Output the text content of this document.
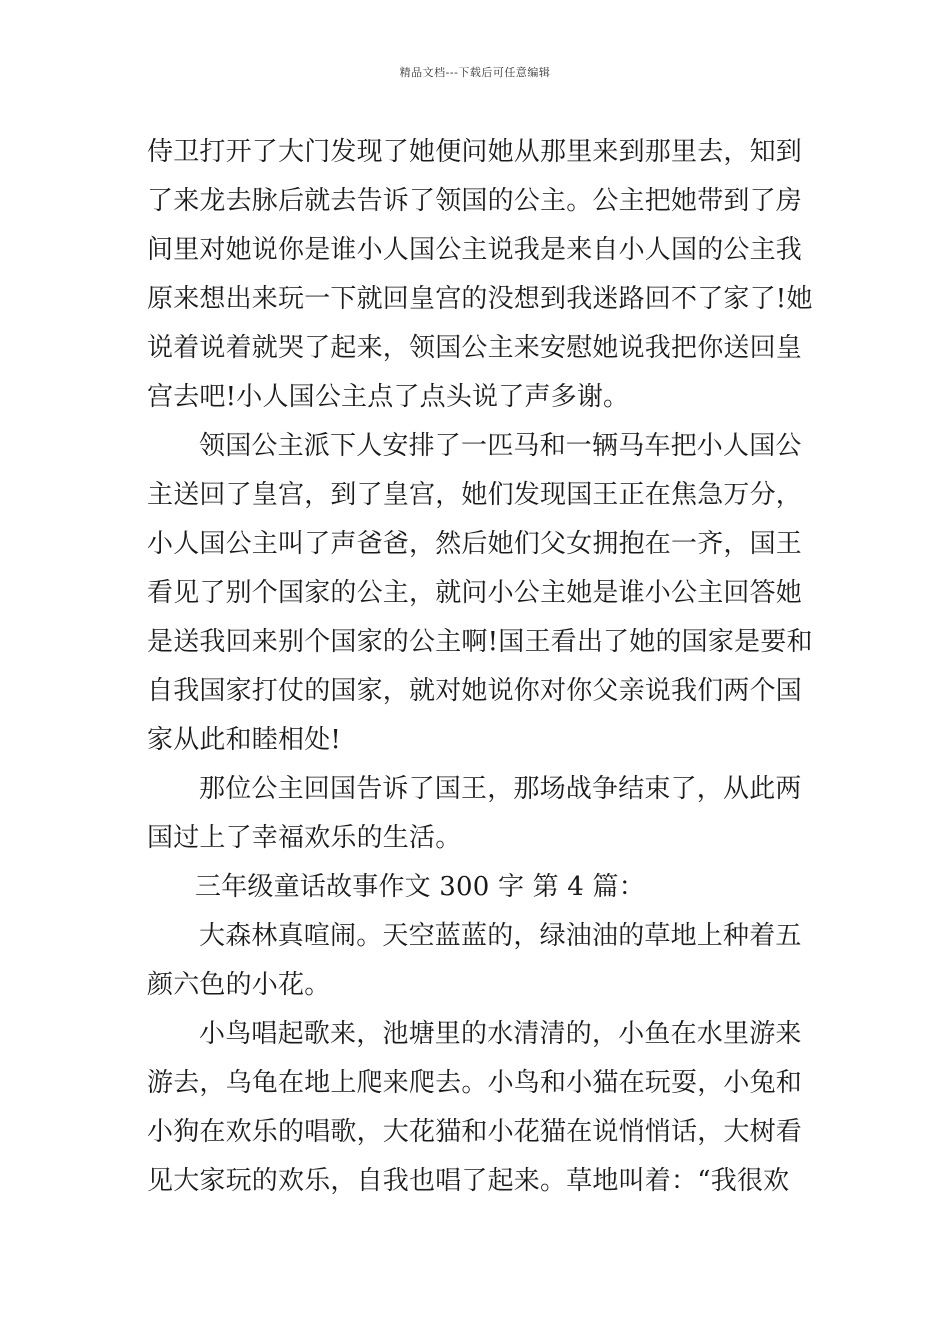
精品文档---下载后可任意编辑
侍卫打开了大门发现了她便问她从那里来到那里去，知到
了来龙去脉后就去告诉了领国的公主。公主把她带到了房
间里对她说你是谁小人国公主说我是来自小人国的公主我
原来想出来玩一下就回皇宫的没想到我迷路回不了家了!她
说着说着就哭了起来，领国公主来安慰她说我把你送回皇
宫去吧!小人国公主点了点头说了声多谢。
领国公主派下人安排了一匹马和一辆马车把小人国公
主送回了皇宫，到了皇宫，她们发现国王正在焦急万分，
小人国公主叫了声爸爸，然后她们父女拥抱在一齐，国王
看见了别个国家的公主，就问小公主她是谁小公主回答她
是送我回来别个国家的公主啊!国王看出了她的国家是要和
自我国家打仗的国家，就对她说你对你父亲说我们两个国
家从此和睦相处!
那位公主回国告诉了国王，那场战争结束了，从此两
国过上了幸福欢乐的生活。
三年级童话故事作文 300 字 第 4 篇：
大森林真喧闹。天空蓝蓝的，绿油油的草地上种着五
颜六色的小花。
小鸟唱起歌来，池塘里的水清清的，小鱼在水里游来
游去，乌龟在地上爬来爬去。小鸟和小猫在玩耍，小兔和
小狗在欢乐的唱歌，大花猫和小花猫在说悄悄话，大树看
见大家玩的欢乐，自我也唱了起来。草地叫着：“我很欢
